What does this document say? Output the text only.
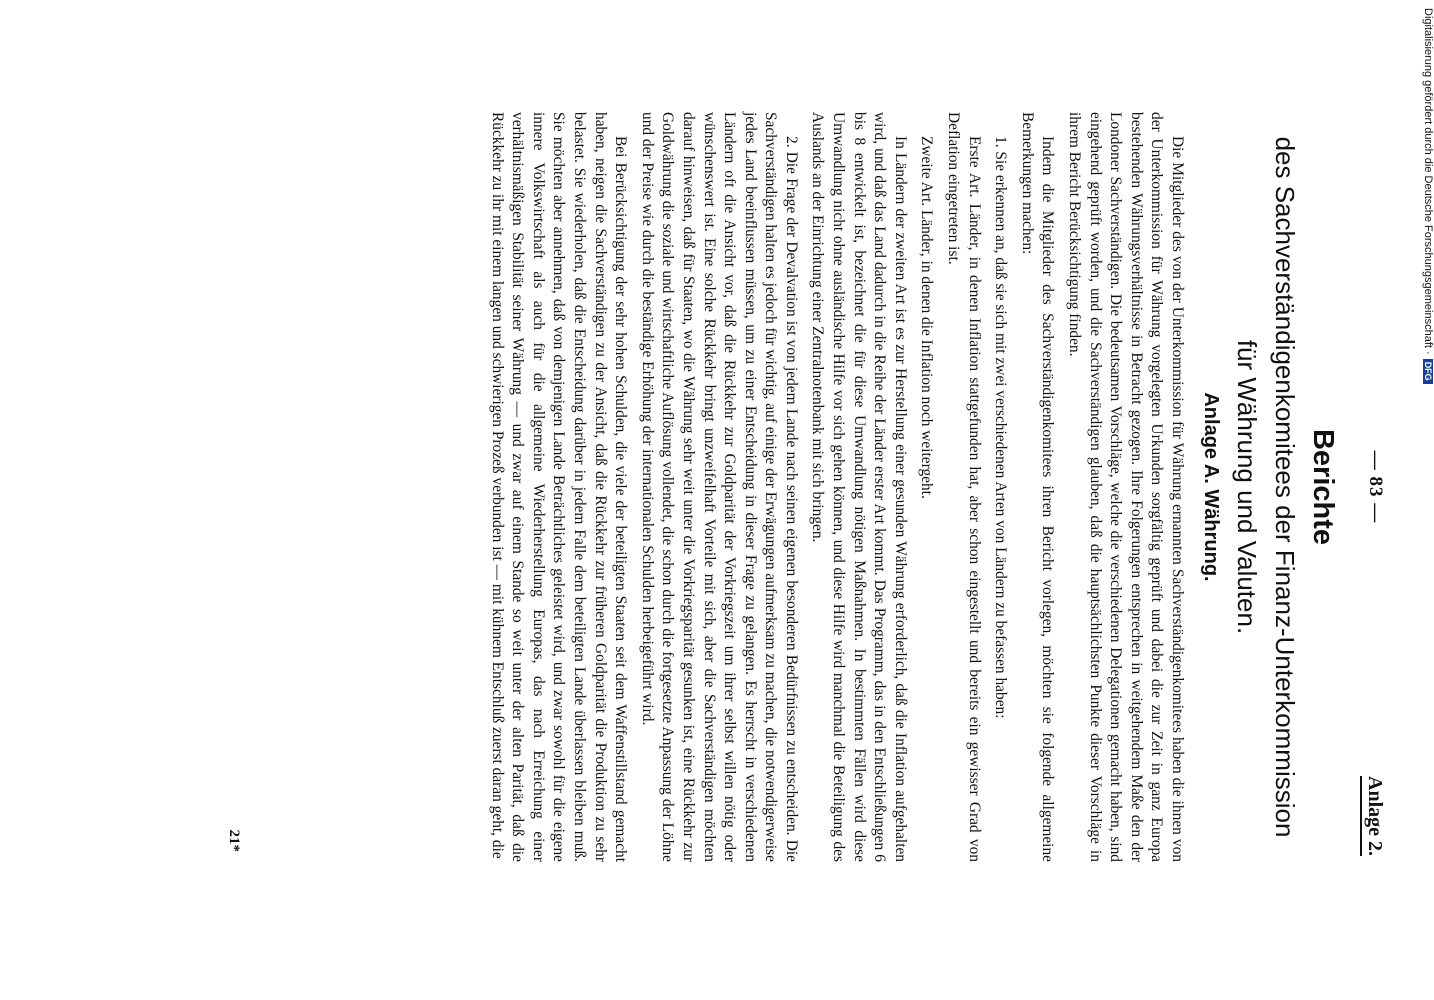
— 83 —
Anlage 2.
Berichte
des Sachverständigenkomitees der Finanz-Unterkommission
für Währung und Valuten.
Anlage A. Währung.

Die Mitglieder des von der Unterkommission für Währung ernannten Sachverständigenkomitees haben die ihnen von der Unterkommission für Währung vorgelegten Urkunden sorgfältig geprüft und dabei die zur Zeit in ganz Europa bestehenden Währungsverhältnisse in Betracht gezogen. Ihre Folgerungen entsprechen in weitgehendem Maße den der Londoner Sachverständigen. Die bedeutsamen Vorschläge, welche die verschiedenen Delegationen gemacht haben, sind eingehend geprüft worden, und die Sachverständigen glauben, daß die hauptsächlichsten Punkte dieser Vorschläge in ihrem Bericht Berücksichtigung finden.

Indem die Mitglieder des Sachverständigenkomitees ihren Bericht vorlegen, möchten sie folgende allgemeine Bemerkungen machen:

1. Sie erkennen an, daß sie sich mit zwei verschiedenen Arten von Ländern zu befassen haben:

Erste Art. Länder, in denen Inflation stattgefunden hat, aber schon eingestellt und bereits ein gewisser Grad von Deflation eingetreten ist.

Zweite Art. Länder, in denen die Inflation noch weitergeht.

In Ländern der zweiten Art ist es zur Herstellung einer gesunden Währung erforderlich, daß die Inflation aufgehalten wird, und daß das Land dadurch in die Reihe der Länder erster Art kommt. Das Programm, das in den Entschließungen 6 bis 8 entwickelt ist, bezeichnet die für diese Umwandlung nötigen Maßnahmen. In bestimmten Fällen wird diese Umwandlung nicht ohne ausländische Hilfe vor sich gehen können, und diese Hilfe wird manchmal die Beteiligung des Auslands an der Einrichtung einer Zentralnotenbank mit sich bringen.

2. Die Frage der Devalvation ist von jedem Lande nach seinen eigenen besonderen Bedürfnissen zu entscheiden. Die Sachverständigen halten es jedoch für wichtig, auf einige der Erwägungen aufmerksam zu machen, die notwendigerweise jedes Land beeinflussen müssen, um zu einer Entscheidung in dieser Frage zu gelangen. Es herrscht in verschiedenen Ländern oft die Ansicht vor, daß die Rückkehr zur Goldparität der Vorkriegszeit um ihrer selbst willen nötig oder wünschenswert ist. Eine solche Rückkehr bringt unzweifelhaft Vorteile mit sich, aber die Sachverständigen möchten darauf hinweisen, daß für Staaten, wo die Währung sehr weit unter die Vorkriegsparität gesunken ist, eine Rückkehr zur Goldwährung die soziale und wirtschaftliche Auflösung vollendet, die schon durch die fortgesetzte Anpassung der Löhne und der Preise wie durch die beständige Erhöhung der internationalen Schulden herbeigeführt wird.

Bei Berücksichtigung der sehr hohen Schulden, die viele der beteiligten Staaten seit dem Waffenstillstand gemacht haben, neigen die Sachverständigen zu der Ansicht, daß die Rückkehr zur früheren Goldparität die Produktion zu sehr belastet. Sie wiederholen, daß die Entscheidung darüber in jedem Falle dem beteiligten Lande überlassen bleiben muß. Sie möchten aber annehmen, daß von demjenigen Lande Beträchtliches geleistet wird, und zwar sowohl für die eigene innere Volkswirtschaft als auch für die allgemeine Wiederherstellung Europas, das nach Erreichung einer verhältnismäßigen Stabilität seiner Währung — und zwar auf einem Stande so weit unter der alten Parität, daß die Rückkehr zu ihr mit einem langen und schwierigen Prozeß verbunden ist — mit kühnem Entschluß zuerst daran geht, die

21*
Digitalisierung gefördert durch die Deutsche Forschungsgemeinschaft ·DFG
